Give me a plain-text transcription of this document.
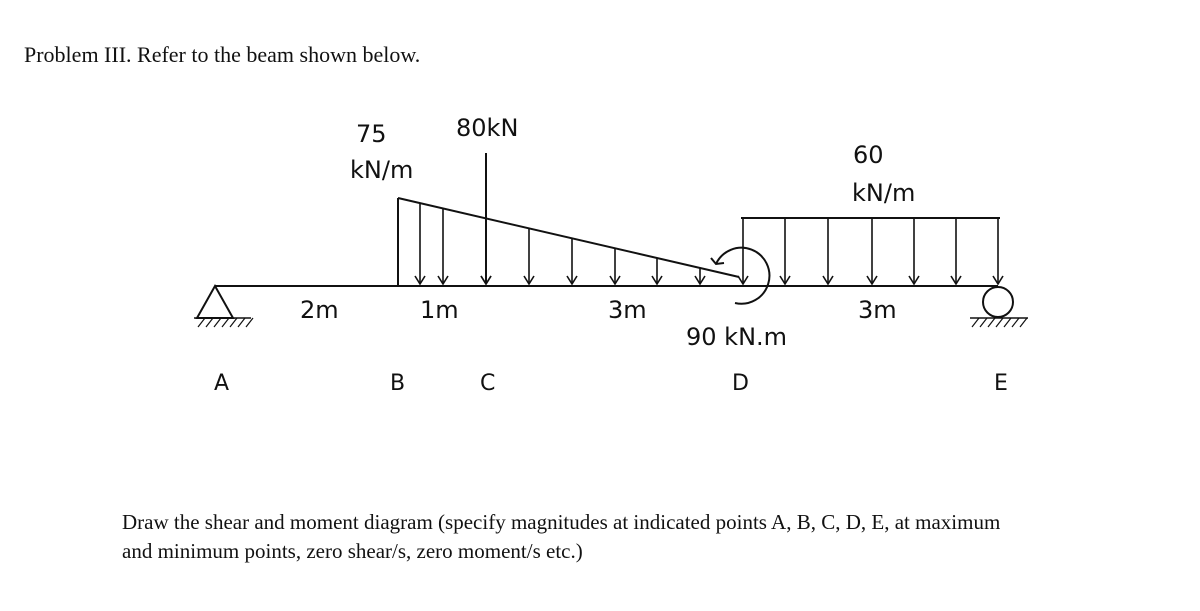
Problem III. Refer to the beam shown below.
75
kN/m
80kN
60
kN/m
90 kN.m
2m	1m	3m	3m
A	B	C	D	E
Draw the shear and moment diagram (specify magnitudes at indicated points A, B, C, D, E, at maximum
and minimum points, zero shear/s, zero moment/s etc.)
